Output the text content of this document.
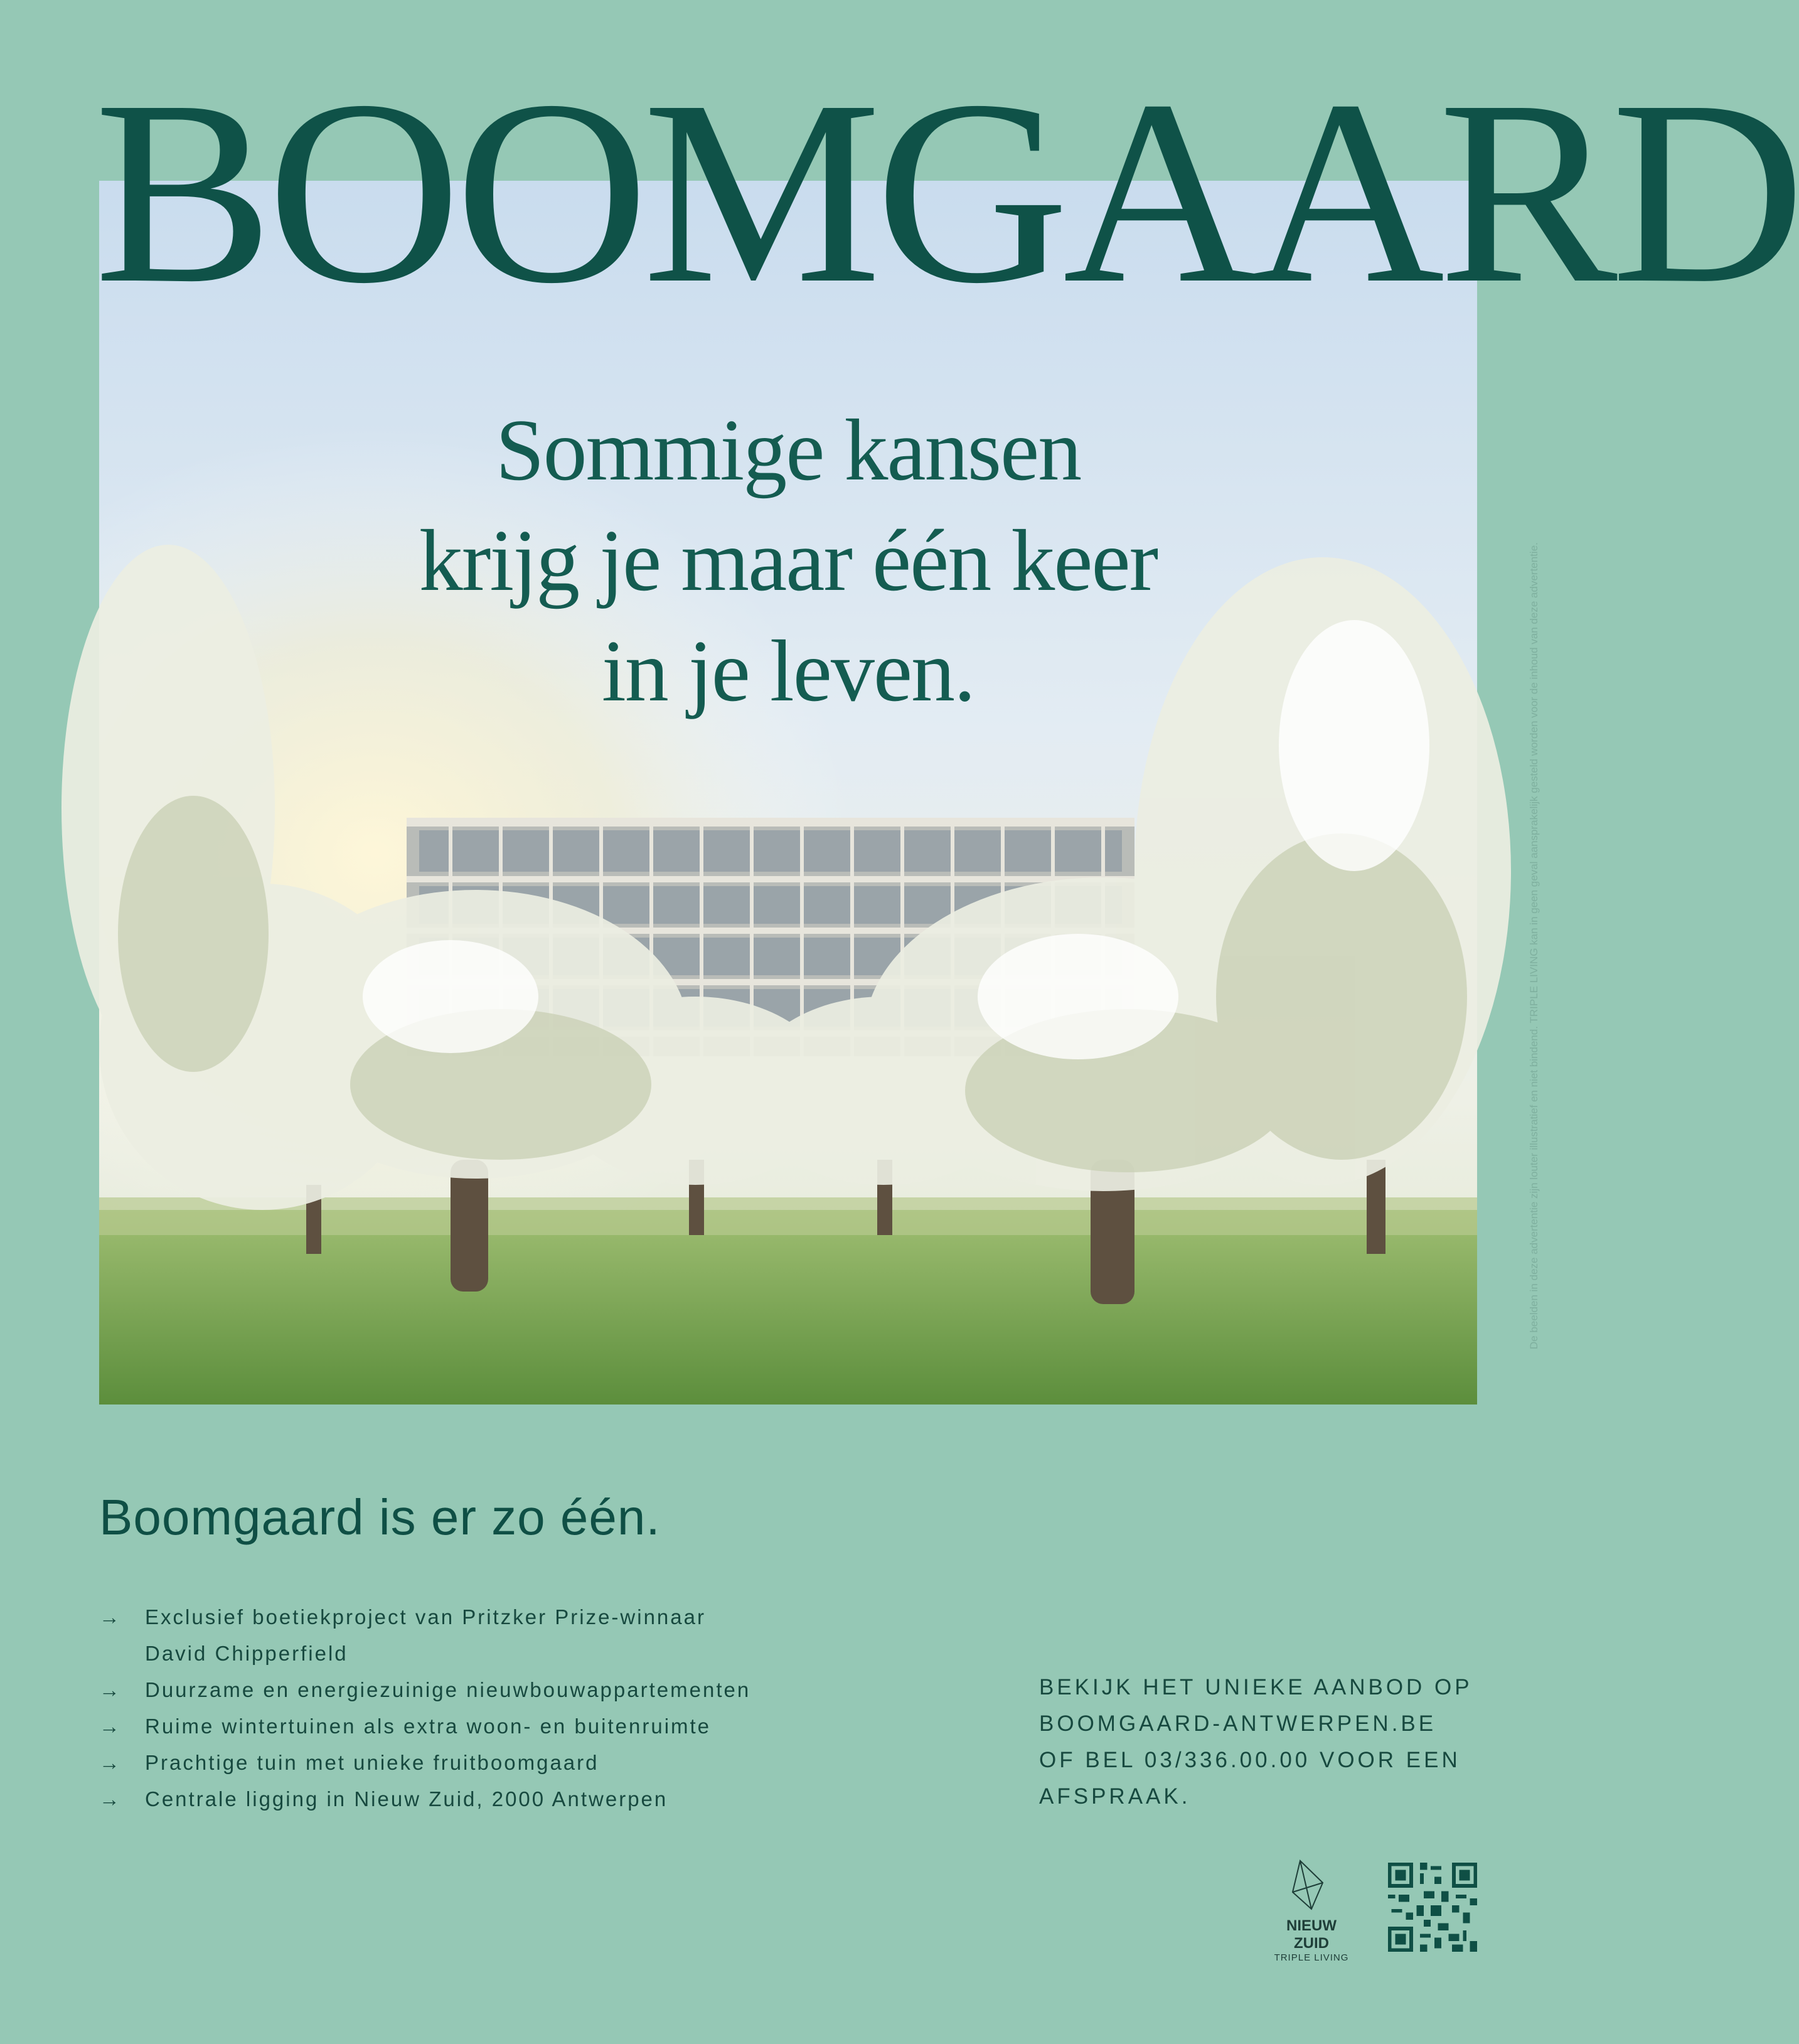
BOOMGAARD
Sommige kansen
krijg je maar één keer
in je leven.	De beelden in deze advertentie zijn louter illustratief en niet bindend. TRIPLE LIVING kan in geen geval aansprakelijk gesteld worden voor de inhoud van deze advertentie.
Boomgaard is er zo één.
→ Exclusief boetiekproject van Pritzker Prize-winnaar
David Chipperfield
→ Duurzame en energiezuinige nieuwbouwappartementen
→ Ruime wintertuinen als extra woon- en buitenruimte
→ Prachtige tuin met unieke fruitboomgaard
→ Centrale ligging in Nieuw Zuid, 2000 Antwerpen
BEKIJK HET UNIEKE AANBOD OP
BOOMGAARD-ANTWERPEN.BE
OF BEL 03/336.00.00 VOOR EEN
AFSPRAAK.
NIEUW ZUID
TRIPLE LIVING
